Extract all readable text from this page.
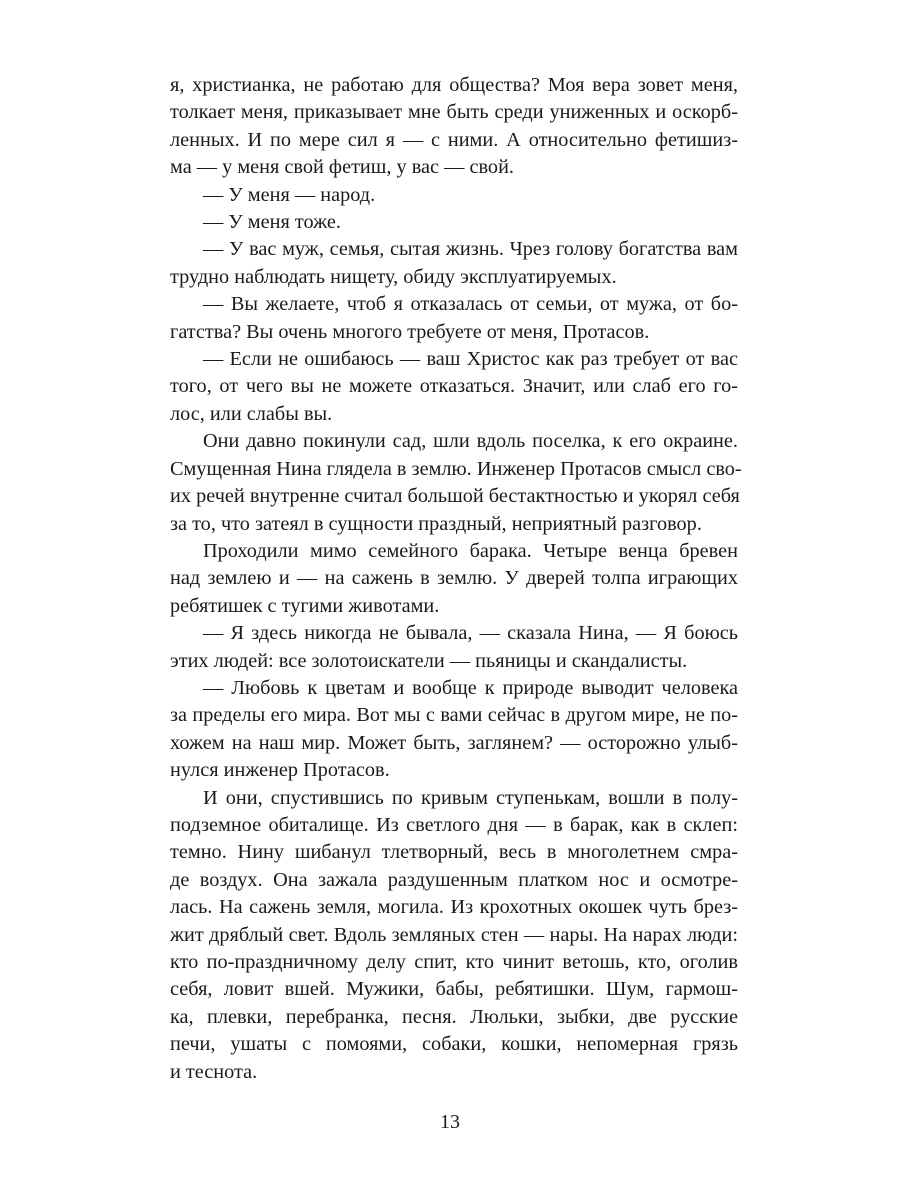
я, христианка, не работаю для общества? Моя вера зовет меня,
толкает меня, приказывает мне быть среди униженных и оскорб-
ленных. И по мере сил я — с ними. А относительно фетишиз-
ма — у меня свой фетиш, у вас — свой.
— У меня — народ.
— У меня тоже.
— У вас муж, семья, сытая жизнь. Чрез голову богатства вам
трудно наблюдать нищету, обиду эксплуатируемых.
— Вы желаете, чтоб я отказалась от семьи, от мужа, от бо-
гатства? Вы очень многого требуете от меня, Протасов.
— Если не ошибаюсь — ваш Христос как раз требует от вас
того, от чего вы не можете отказаться. Значит, или слаб его го-
лос, или слабы вы.
Они давно покинули сад, шли вдоль поселка, к его окраине.
Смущенная Нина глядела в землю. Инженер Протасов смысл сво-
их речей внутренне считал большой бестактностью и укорял себя
за то, что затеял в сущности праздный, неприятный разговор.
Проходили мимо семейного барака. Четыре венца бревен
над землею и — на сажень в землю. У дверей толпа играющих
ребятишек с тугими животами.
— Я здесь никогда не бывала, — сказала Нина, — Я боюсь
этих людей: все золотоискатели — пьяницы и скандалисты.
— Любовь к цветам и вообще к природе выводит человека
за пределы его мира. Вот мы с вами сейчас в другом мире, не по-
хожем на наш мир. Может быть, заглянем? — осторожно улыб-
нулся инженер Протасов.
И они, спустившись по кривым ступенькам, вошли в полу-
подземное обиталище. Из светлого дня — в барак, как в склеп:
темно. Нину шибанул тлетворный, весь в многолетнем смра-
де воздух. Она зажала раздушенным платком нос и осмотре-
лась. На сажень земля, могила. Из крохотных окошек чуть брез-
жит дряблый свет. Вдоль земляных стен — нары. На нарах люди:
кто по-праздничному делу спит, кто чинит ветошь, кто, оголив
себя, ловит вшей. Мужики, бабы, ребятишки. Шум, гармош-
ка, плевки, перебранка, песня. Люльки, зыбки, две русские
печи, ушаты с помоями, собаки, кошки, непомерная грязь
и теснота.
13
